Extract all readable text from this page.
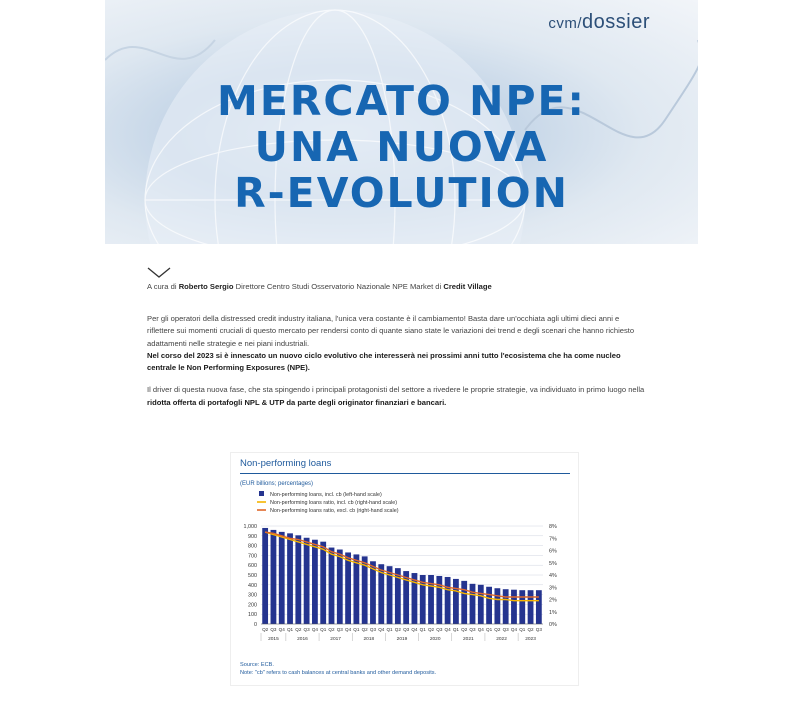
cvm/dossier
MERCATO NPE:
UNA NUOVA
R-EVOLUTION
A cura di Roberto Sergio Direttore Centro Studi Osservatorio Nazionale NPE Market di Credit Village

Per gli operatori della distressed credit industry italiana, l'unica vera costante è il cambiamento! Basta dare un'occhiata agli ultimi dieci anni e riflettere sui momenti cruciali di questo mercato per rendersi conto di quante siano state le variazioni dei trend e degli scenari che hanno richiesto adattamenti nelle strategie e nei piani industriali.
Nel corso del 2023 si è innescato un nuovo ciclo evolutivo che interesserà nei prossimi anni tutto l'ecosistema che ha come nucleo centrale le Non Performing Exposures (NPE).

Il driver di questa nuova fase, che sta spingendo i principali protagonisti del settore a rivedere le proprie strategie, va individuato in primo luogo nella ridotta offerta di portafogli NPL & UTP da parte degli originator finanziari e bancari.

Non-performing loans
(EUR billions; percentages)
Non-performing loans, incl. cb (left-hand scale)
Non-performing loans ratio, incl. cb (right-hand scale)
Non-performing loans ratio, excl. cb (right-hand scale)
0
100
200
300
400
500
600
700
800
900
1,000
0%
1%
2%
3%
4%
5%
6%
7%
8%
Q2 Q3 Q4 Q1 Q2 Q3 Q4 Q1 Q2 Q3 Q4 Q1 Q2 Q3 Q4 Q1 Q2 Q3 Q4 Q1 Q2 Q3 Q4 Q1 Q2 Q3 Q4 Q1 Q2 Q3 Q4 Q1 Q2 Q3
2015	2016	2017	2018	2019	2020	2021	2022	2023
Source: ECB.
Note: "cb" refers to cash balances at central banks and other demand deposits.
